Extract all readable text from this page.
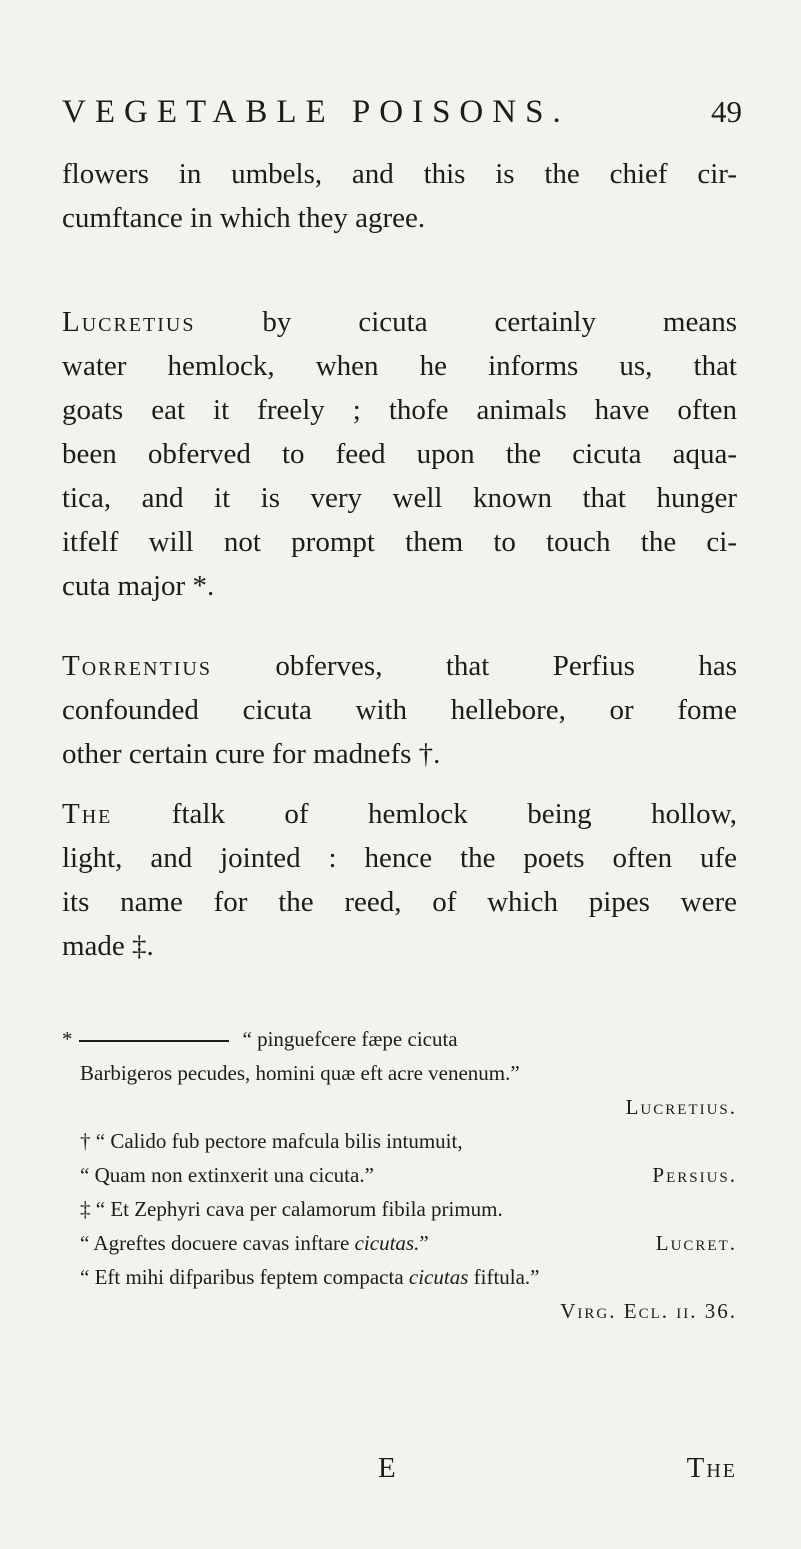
VEGETABLE POISONS.	49
flowers in umbels, and this is the chief cir-
cumftance in which they agree.
Lucretius by cicuta certainly means
water hemlock, when he informs us, that
goats eat it freely ; thofe animals have often
been obferved to feed upon the cicuta aqua-
tica, and it is very well known that hunger
itfelf will not prompt them to touch the ci-
cuta major *.
Torrentius obferves, that Perfius has
confounded cicuta with hellebore, or fome
other certain cure for madnefs †.
The ftalk of hemlock being hollow,
light, and jointed : hence the poets often ufe
its name for the reed, of which pipes were
made ‡.
*	“ pinguefcere fæpe cicuta
Barbigeros pecudes, homini quæ eft acre venenum.”
Lucretius.
† “ Calido fub pectore mafcula bilis intumuit,
“ Quam non extinxerit una cicuta.”	Persius.
‡ “ Et Zephyri cava per calamorum fibila primum.
“ Agreftes docuere cavas inftare cicutas.”	Lucret.
“ Eft mihi difparibus feptem compacta cicutas fiftula.”
Virg. Ecl. ii. 36.
E	The
